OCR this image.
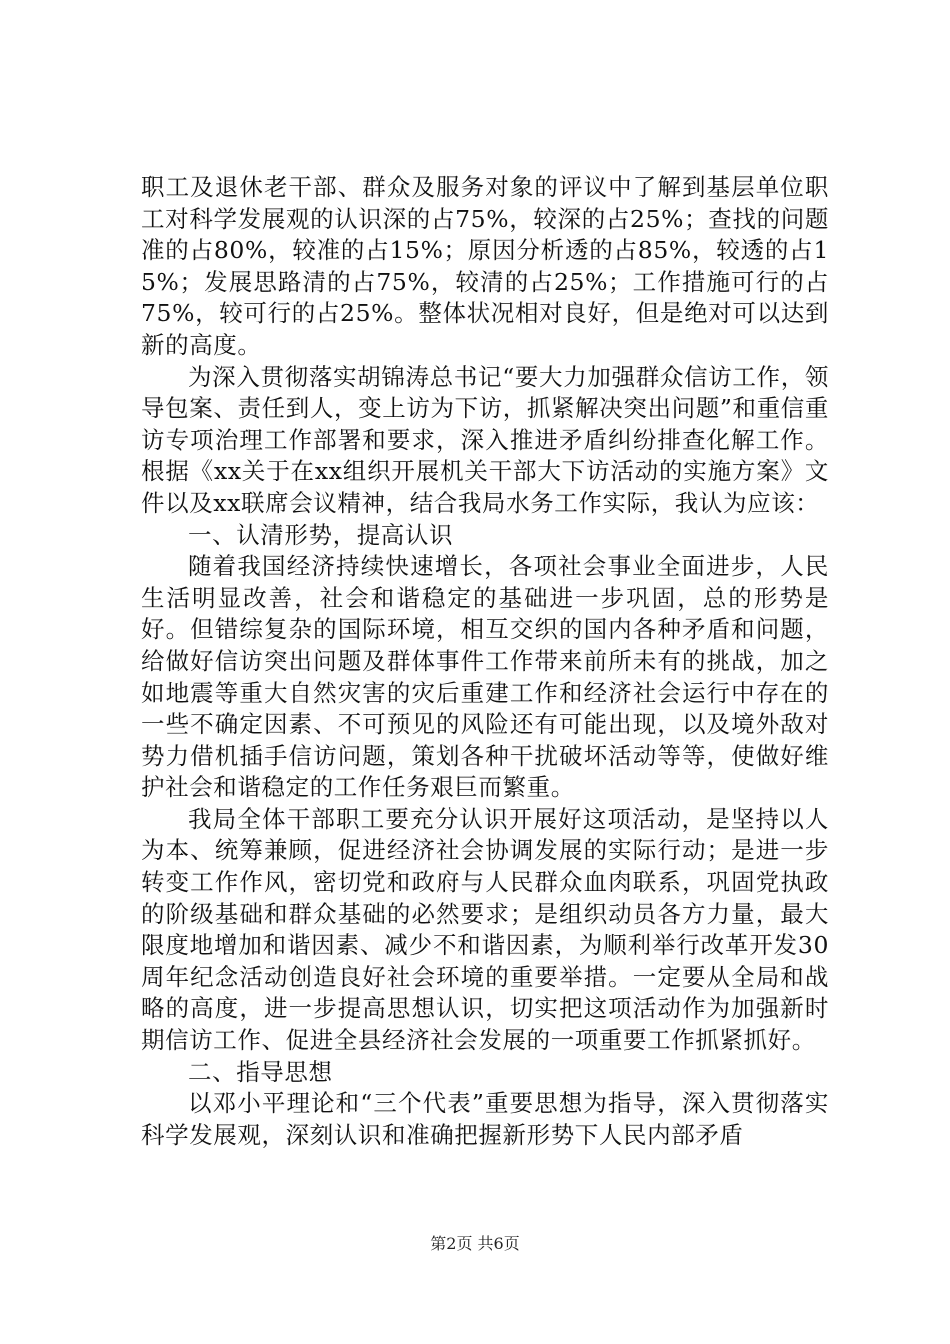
职工及退休老干部、群众及服务对象的评议中了解到基层单位职工对科学发展观的认识深的占75%，较深的占25%；查找的问题准的占80%，较准的占15%；原因分析透的占85%，较透的占15%；发展思路清的占75%，较清的占25%；工作措施可行的占75%，较可行的占25%。整体状况相对良好，但是绝对可以达到新的高度。

为深入贯彻落实胡锦涛总书记“要大力加强群众信访工作，领导包案、责任到人，变上访为下访，抓紧解决突出问题”和重信重访专项治理工作部署和要求，深入推进矛盾纠纷排查化解工作。根据《xx关于在xx组织开展机关干部大下访活动的实施方案》文件以及xx联席会议精神，结合我局水务工作实际，我认为应该：

一、认清形势，提高认识

随着我国经济持续快速增长，各项社会事业全面进步，人民生活明显改善，社会和谐稳定的基础进一步巩固，总的形势是好。但错综复杂的国际环境，相互交织的国内各种矛盾和问题，给做好信访突出问题及群体事件工作带来前所未有的挑战，加之如地震等重大自然灾害的灾后重建工作和经济社会运行中存在的一些不确定因素、不可预见的风险还有可能出现，以及境外敌对势力借机插手信访问题，策划各种干扰破坏活动等等，使做好维护社会和谐稳定的工作任务艰巨而繁重。

我局全体干部职工要充分认识开展好这项活动，是坚持以人为本、统筹兼顾，促进经济社会协调发展的实际行动；是进一步转变工作作风，密切党和政府与人民群众血肉联系，巩固党执政的阶级基础和群众基础的必然要求；是组织动员各方力量，最大限度地增加和谐因素、减少不和谐因素，为顺利举行改革开发30周年纪念活动创造良好社会环境的重要举措。一定要从全局和战略的高度，进一步提高思想认识，切实把这项活动作为加强新时期信访工作、促进全县经济社会发展的一项重要工作抓紧抓好。

二、指导思想

以邓小平理论和“三个代表”重要思想为指导，深入贯彻落实科学发展观，深刻认识和准确把握新形势下人民内部矛盾

第2页 共6页
